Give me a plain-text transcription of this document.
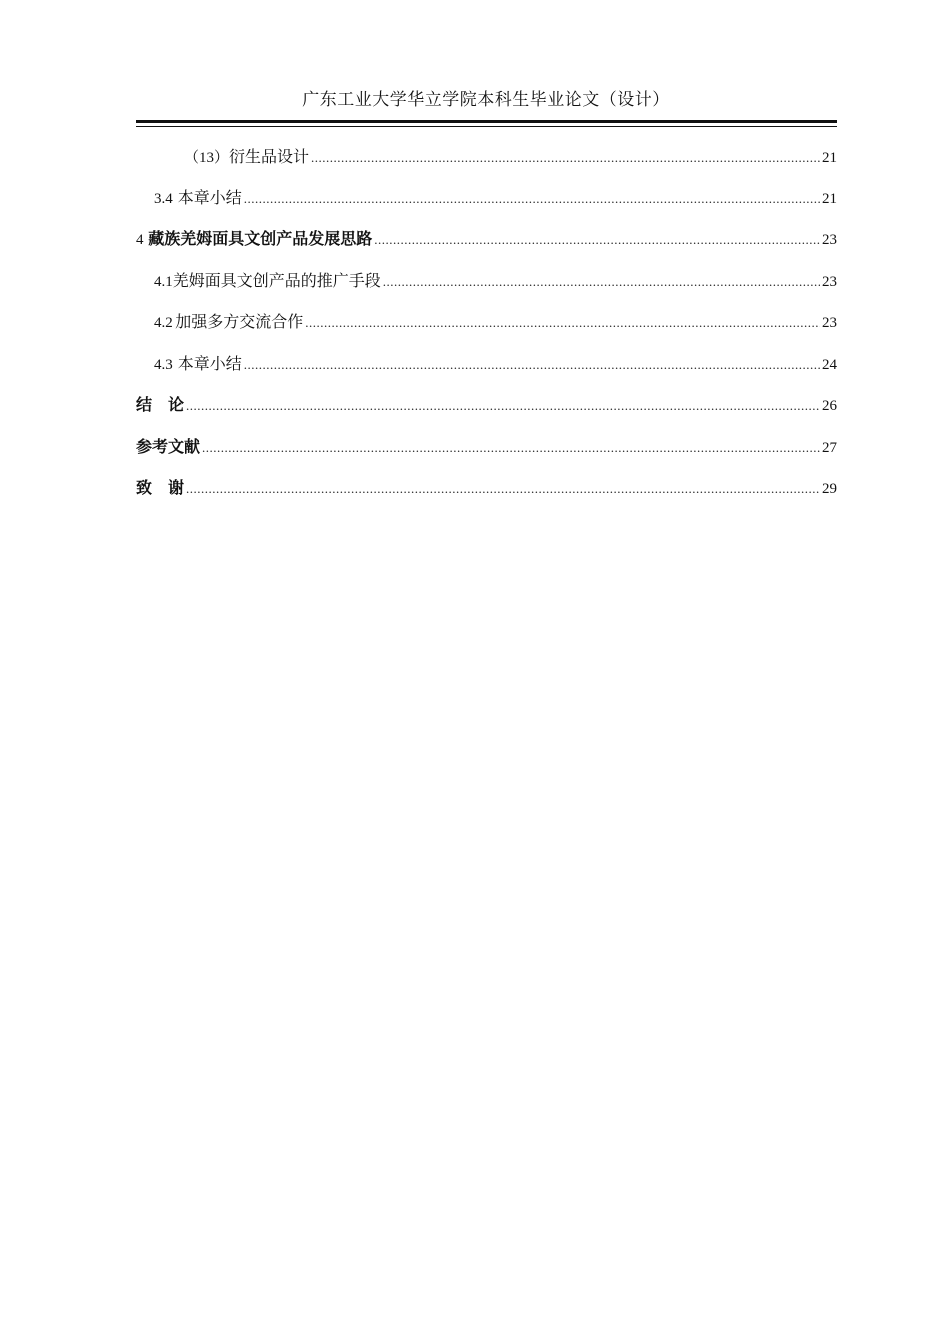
广东工业大学华立学院本科生毕业论文（设计）
（13） 衍生品设计 .....	21
3.4 本章小结 .....	21
4 藏族羌姆面具文创产品发展思路 .....	23
4.1 羌姆面具文创产品的推广手段 .....	23
4.2 加强多方交流合作 .....	23
4.3 本章小结 .....	24
结　论 .....	26
参考文献 .....	27
致　谢 .....	29
